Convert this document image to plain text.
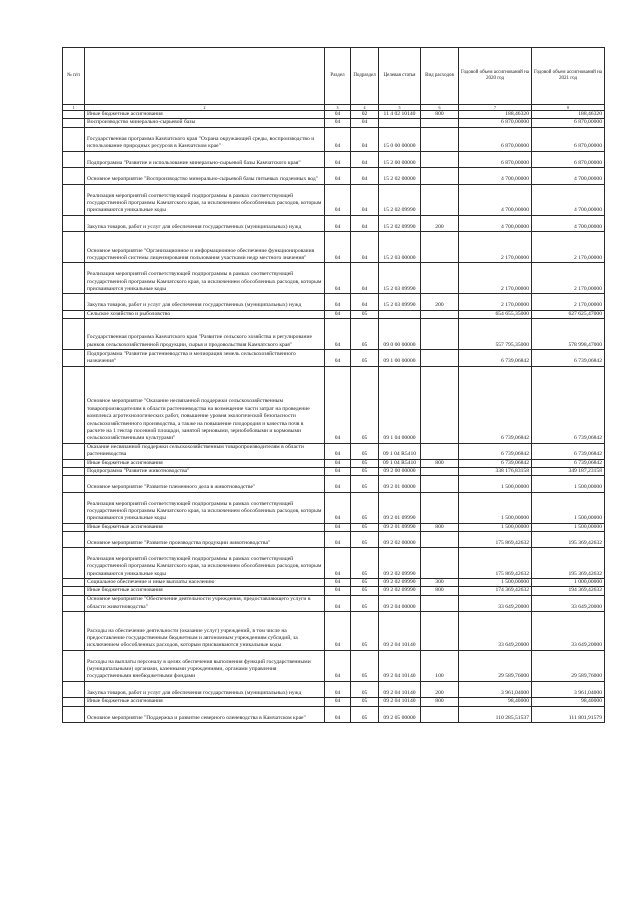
№ п/п		Раздел	Подраздел	Целевая статья	Вид расходов	Годовой объем ассигнований на 2020 год	Годовой объем ассигнований на 2021 год
1	2	3	4	5	6	7	8
	Иные бюджетные ассигнования	04	02	11 4 02 10140	800	188,46320	188,46320
	Воспроизводство минерально-сырьевой базы	04	04			6 870,00000	6 870,00000
	Государственная программа Камчатского края "Охрана окружающей среды, воспроизводство и использование природных ресурсов в Камчатском крае"	04	04	15 0 00 00000		6 870,00000	6 870,00000
	Подпрограмма "Развитие и использование минерально-сырьевой базы Камчатского края"	04	04	15 2 00 00000		6 870,00000	6 870,00000
	Основное мероприятие "Воспроизводство минерально-сырьевой базы питьевых подземных вод"	04	04	15 2 02 00000		4 700,00000	4 700,00000
	Реализация мероприятий соответствующей подпрограммы в рамках соответствующей государственной программы Камчатского края, за исключением обособленных расходов, которым присваиваются уникальные коды	04	04	15 2 02 09990		4 700,00000	4 700,00000
	Закупка товаров, работ и услуг для обеспечения государственных (муниципальных) нужд	04	04	15 2 02 09990	200	4 700,00000	4 700,00000
	Основное мероприятие "Организационное и информационное обеспечение функционирования государственной системы лицензирования пользования участками недр местного значения"	04	04	15 2 03 00000		2 170,00000	2 170,00000
	Реализация мероприятий соответствующей подпрограммы в рамках соответствующей государственной программы Камчатского края, за исключением обособленных расходов, которым присваиваются уникальные коды	04	04	15 2 03 09990		2 170,00000	2 170,00000
	Закупка товаров, работ и услуг для обеспечения государственных (муниципальных) нужд	04	04	15 2 03 09990	200	2 170,00000	2 170,00000
	Сельское хозяйство и рыболовство	04	05			654 655,35000	627 625,47000
	Государственная программа Камчатского края "Развитие сельского хозяйства и регулирование рынков сельскохозяйственной продукции, сырья и продовольствия Камчатского края"	04	05	09 0 00 00000		557 795,35000	578 998,47000
	Подпрограмма "Развитие растениеводства и мелиорация земель сельскохозяйственного назначения"	04	05	09 1 00 00000		6 739,06842	6 739,06842
	Основное мероприятие "Оказание несвязанной поддержки сельскохозяйственным товаропроизводителям в области растениеводства на возмещение части затрат на проведение комплекса агротехнологических работ, повышение уровня экологической безопасности сельскохозяйственного производства, а также на повышение плодородия и качества почв в расчете на 1 гектар посевной площади, занятой зерновыми, зернобобовыми и кормовыми сельскохозяйственными культурами"	04	05	09 1 04 00000		6 739,06842	6 739,06842
	Оказание несвязанной поддержки сельскохозяйственным товаропроизводителям в области растениеводства	04	05	09 1 04 R5410		6 739,06842	6 739,06842
	Иные бюджетные ассигнования	04	05	09 1 04 R5410	800	6 739,06842	6 739,06842
	Подпрограмма "Развитие животноводства"	04	05	09 2 00 00000		338 176,83158	349 187,23158
	Основное мероприятие "Развитие племенного дела в животноводстве"	04	05	09 2 01 00000		1 500,00000	1 500,00000
	Реализация мероприятий соответствующей подпрограммы в рамках соответствующей государственной программы Камчатского края, за исключением обособленных расходов, которым присваиваются уникальные коды	04	05	09 2 01 09990		1 500,00000	1 500,00000
	Иные бюджетные ассигнования	04	05	09 2 01 09990	800	1 500,00000	1 500,00000
	Основное мероприятие "Развитие производства продукции животноводства"	04	05	09 2 02 00000		175 869,42632	195 369,42632
	Реализация мероприятий соответствующей подпрограммы в рамках соответствующей государственной программы Камчатского края, за исключением обособленных расходов, которым присваиваются уникальные коды	04	05	09 2 02 09990		175 869,42632	195 369,42632
	Социальное обеспечение и иные выплаты населению	04	05	09 2 02 09990	300	1 500,00000	1 000,00000
	Иные бюджетные ассигнования	04	05	09 2 02 09990	800	174 369,42632	194 369,42632
	Основное мероприятие "Обеспечение деятельности учреждения, предоставляющего услуги в области животноводства"	04	05	09 2 04 00000		33 649,20000	33 649,20000
	Расходы на обеспечение деятельности (оказание услуг) учреждений, в том числе на предоставление государственным бюджетным и автономным учреждениям субсидий, за исключением обособленных расходов, которым присваиваются уникальные коды	04	05	09 2 04 10140		33 649,20000	33 649,20000
	Расходы на выплаты персоналу в целях обеспечения выполнения функций государственными (муниципальными) органами, казенными учреждениями, органами управления государственными внебюджетными фондами	04	05	09 2 04 10140	100	29 589,76000	29 589,76000
	Закупка товаров, работ и услуг для обеспечения государственных (муниципальных) нужд	04	05	09 2 04 10140	200	3 961,04000	3 961,04000
	Иные бюджетные ассигнования	04	05	09 2 04 10140	800	98,40000	98,40000
	Основное мероприятие "Поддержка и развитие северного оленеводства в Камчатском крае"	04	05	09 2 05 00000		110 285,51537	111 801,91579
